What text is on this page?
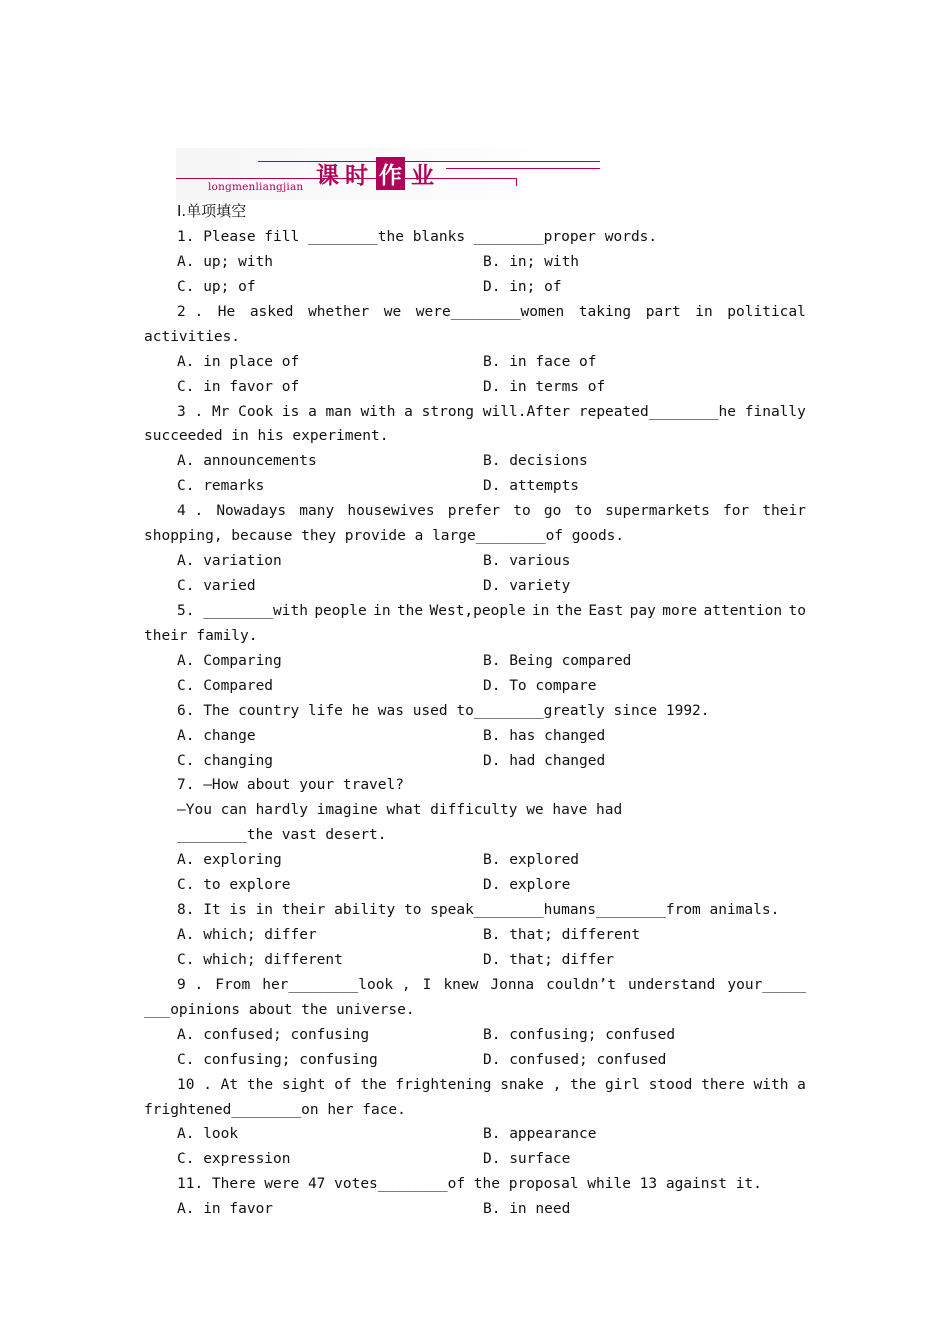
课时 作 业
longmenliangjian
Ⅰ.单项填空
1. Please fill ________the blanks ________proper words.
A. up; with	B. in; with
C. up; of	D. in; of
2 . He asked whether we were________women taking part in political
activities.
A. in place of	B. in face of
C. in favor of	D. in terms of
3 . Mr Cook is a man with a strong will.After repeated________he finally
succeeded in his experiment.
A. announcements	B. decisions
C. remarks	D. attempts
4 . Nowadays many housewives prefer to go to supermarkets for their
shopping, because they provide a large________of goods.
A. variation	B. various
C. varied	D. variety
5. ________with people in the West,people in the East pay more attention to
their family.
A. Comparing	B. Being compared
C. Compared	D. To compare
6. The country life he was used to________greatly since 1992.
A. change	B. has changed
C. changing	D. had changed
7. —How about your travel?
—You can hardly imagine what difficulty we have had
________the vast desert.
A. exploring	B. explored
C. to explore	D. explore
8. It is in their ability to speak________humans________from animals.
A. which; differ	B. that; different
C. which; different	D. that; differ
9 . From her________look , I knew Jonna couldn’t understand your_____
___opinions about the universe.
A. confused; confusing	B. confusing; confused
C. confusing; confusing	D. confused; confused
10 . At the sight of the frightening snake , the girl stood there with a
frightened________on her face.
A. look	B. appearance
C. expression	D. surface
11. There were 47 votes________of the proposal while 13 against it.
A. in favor	B. in need
